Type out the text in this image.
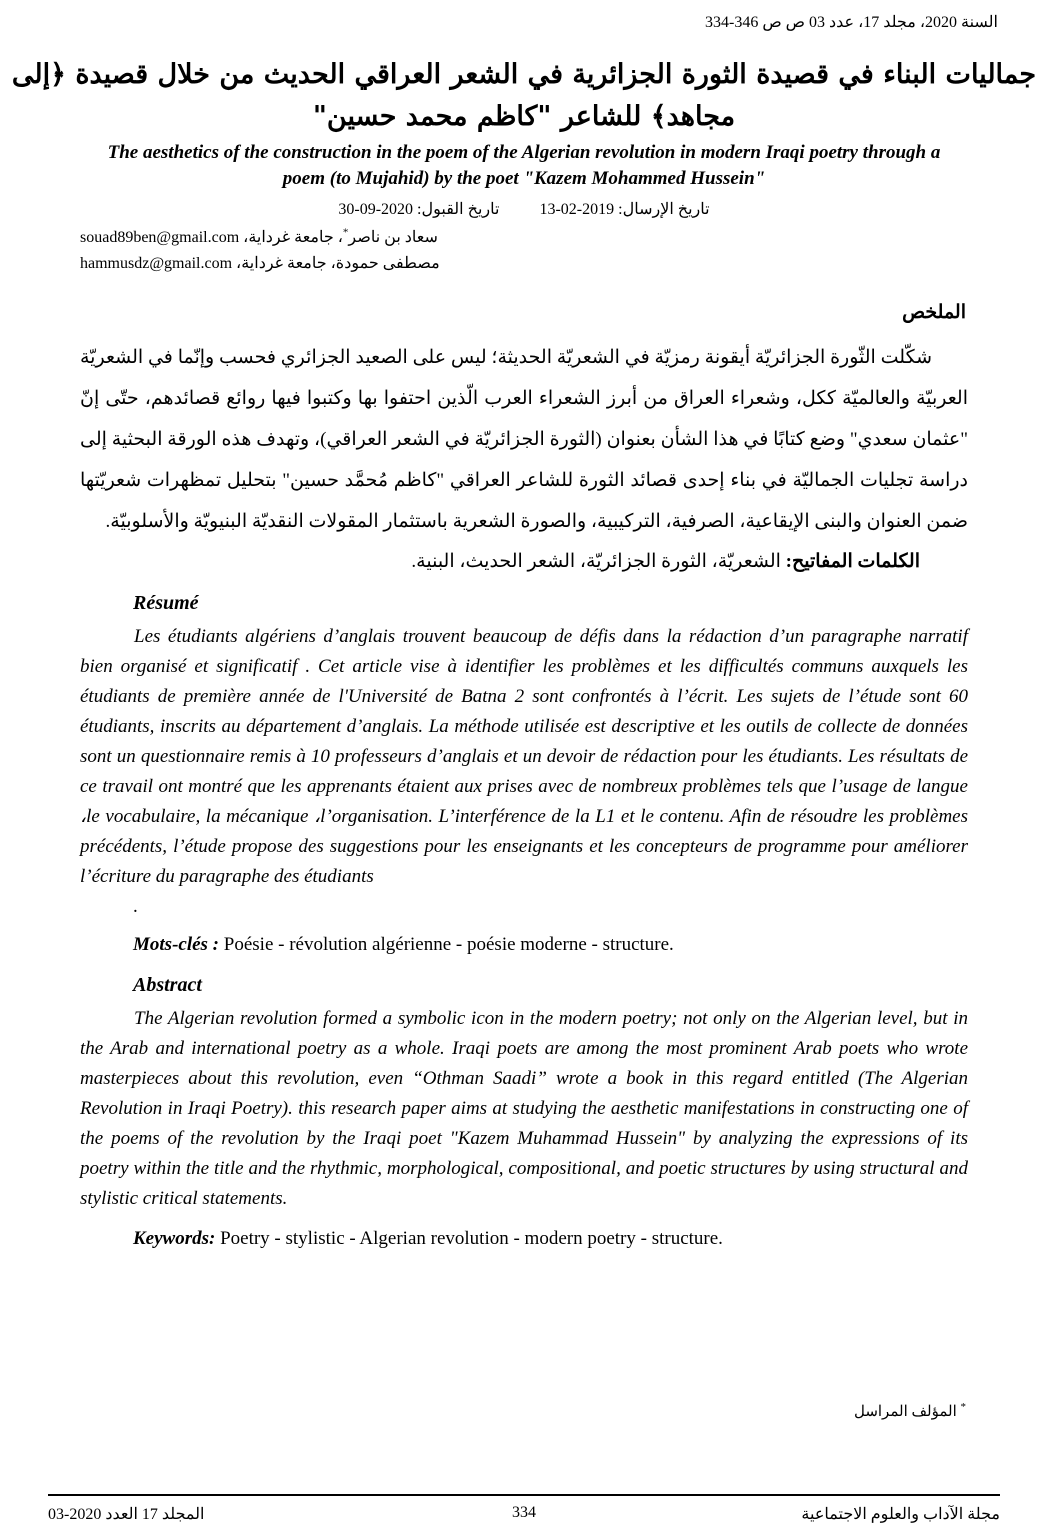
السنة 2020، مجلد 17، عدد 03 ص ص 346-334
جماليات البناء في قصيدة الثورة الجزائرية في الشعر العراقي الحديث من خلال قصيدة ﴿إلى
مجاهد﴾ للشاعر "كاظم محمد حسين"
The aesthetics of the construction in the poem of the Algerian revolution in modern Iraqi poetry through a
poem (to Mujahid) by the poet "Kazem Mohammed Hussein"
تاريخ الإرسال: 2019-02-13
تاريخ القبول: 2020-09-30
سعاد بن ناصر*، جامعة غرداية، souad89ben@gmail.com
مصطفى حمودة، جامعة غرداية، hammusdz@gmail.com
الملخص

شكّلت الثّورة الجزائريّة أيقونة رمزيّة في الشعريّة الحديثة؛ ليس على الصعيد الجزائري فحسب وإنّما في الشعريّة العربيّة والعالميّة ككل، وشعراء العراق من أبرز الشعراء العرب الّذين احتفوا بها وكتبوا فيها روائع قصائدهم، حتّى إنّ "عثمان سعدي" وضع كتابًا في هذا الشأن بعنوان (الثورة الجزائريّة في الشعر العراقي)، وتهدف هذه الورقة البحثية إلى دراسة تجليات الجماليّة في بناء إحدى قصائد الثورة للشاعر العراقي "كاظم مُحمَّد حسين" بتحليل تمظهرات شعريّتها ضمن العنوان والبنى الإيقاعية، الصرفية، التركيبية، والصورة الشعرية باستثمار المقولات النقديّة البنيويّة والأسلوبيّة.

الكلمات المفاتيح: الشعريّة، الثورة الجزائريّة، الشعر الحديث، البنية.

Résumé

Les étudiants algériens d’anglais trouvent beaucoup de défis dans la rédaction d’un paragraphe narratif bien organisé et significatif . Cet article vise à identifier les problèmes et les difficultés communs auxquels les étudiants de première année de l'Université de Batna 2 sont confrontés à l’écrit. Les sujets de l’étude sont 60 étudiants, inscrits au département d’anglais. La méthode utilisée est descriptive et les outils de collecte de données sont un questionnaire remis à 10 professeurs d’anglais et un devoir de rédaction pour les étudiants. Les résultats de ce travail ont montré que les apprenants étaient aux prises avec de nombreux problèmes tels que l’usage de langue ،le vocabulaire, la mécanique ،l’organisation. L’interférence de la L1 et le contenu. Afin de résoudre les problèmes précédents, l’étude propose des suggestions pour les enseignants et les concepteurs de programme pour améliorer l’écriture du paragraphe des étudiants

.

Mots-clés : Poésie - révolution algérienne - poésie moderne - structure.

Abstract

The Algerian revolution formed a symbolic icon in the modern poetry; not only on the Algerian level, but in the Arab and international poetry as a whole. Iraqi poets are among the most prominent Arab poets who wrote masterpieces about this revolution, even “Othman Saadi” wrote a book in this regard entitled (The Algerian Revolution in Iraqi Poetry). this research paper aims at studying the aesthetic manifestations in constructing one of the poems of the revolution by the Iraqi poet "Kazem Muhammad Hussein" by analyzing the expressions of its poetry within the title and the rhythmic, morphological, compositional, and poetic structures by using structural and stylistic critical statements.

Keywords: Poetry - stylistic - Algerian revolution - modern poetry - structure.

* المؤلف المراسل
المجلد 17 العدد 2020-03	334	مجلة الآداب والعلوم الاجتماعية
